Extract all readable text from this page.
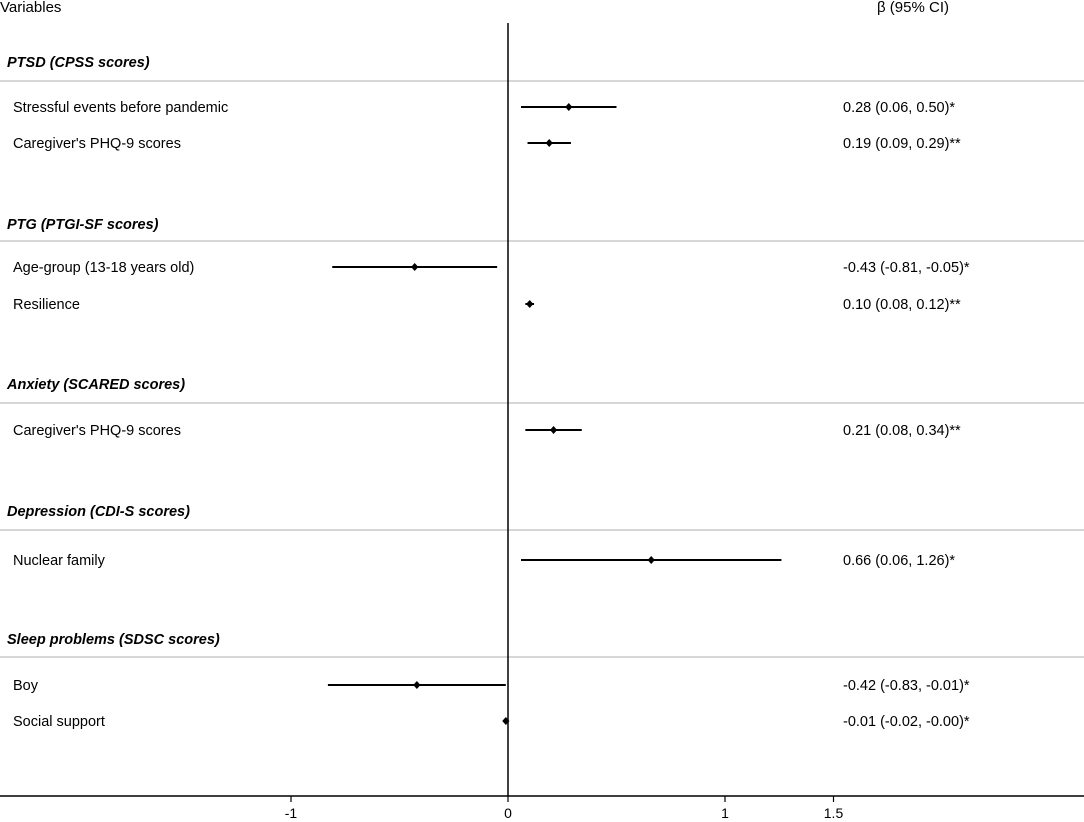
Variables	β (95% CI)
PTSD (CPSS scores)
Stressful events before pandemic	0.28 (0.06, 0.50)*
Caregiver's PHQ-9 scores	0.19 (0.09, 0.29)**
PTG (PTGI-SF scores)
Age-group (13-18 years old)	-0.43 (-0.81, -0.05)*
Resilience	0.10 (0.08, 0.12)**
Anxiety (SCARED scores)
Caregiver's PHQ-9 scores	0.21 (0.08, 0.34)**
Depression (CDI-S scores)
Nuclear family	0.66 (0.06, 1.26)*
Sleep problems (SDSC scores)
Boy	-0.42 (-0.83, -0.01)*
Social support	-0.01 (-0.02, -0.00)*
-1	0	1	1.5
